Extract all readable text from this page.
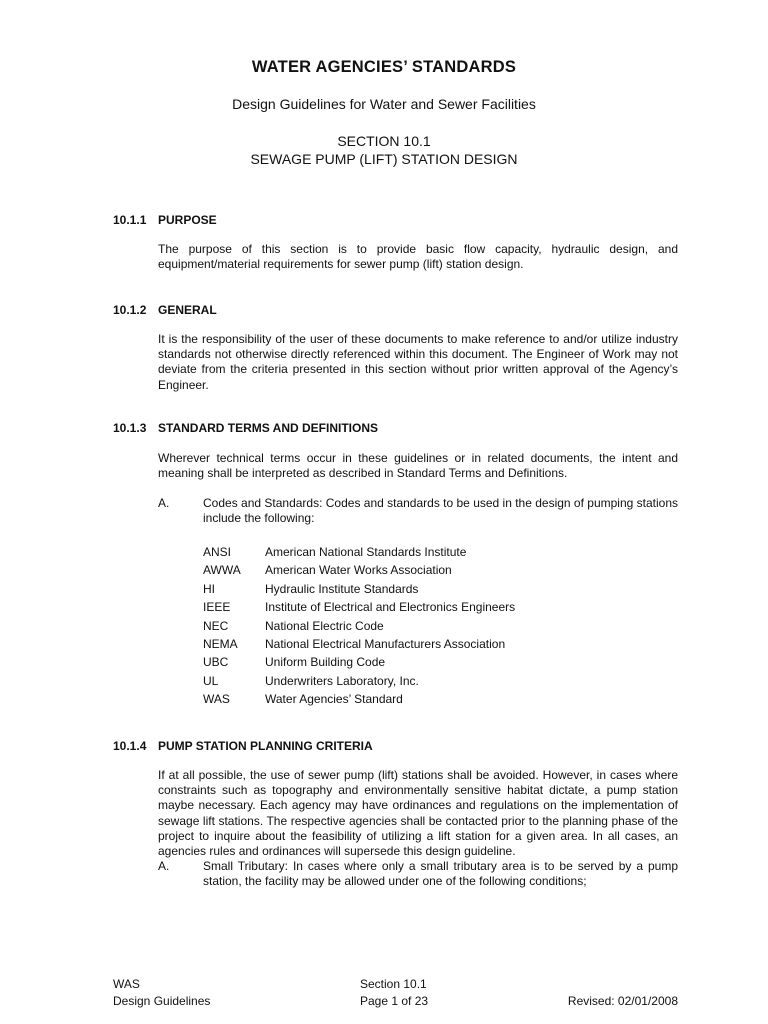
WATER AGENCIES’ STANDARDS
Design Guidelines for Water and Sewer Facilities
SECTION 10.1
SEWAGE PUMP (LIFT) STATION DESIGN
10.1.1 PURPOSE
The purpose of this section is to provide basic flow capacity, hydraulic design, and equipment/material requirements for sewer pump (lift) station design.
10.1.2 GENERAL
It is the responsibility of the user of these documents to make reference to and/or utilize industry standards not otherwise directly referenced within this document. The Engineer of Work may not deviate from the criteria presented in this section without prior written approval of the Agency’s Engineer.
10.1.3 STANDARD TERMS AND DEFINITIONS
Wherever technical terms occur in these guidelines or in related documents, the intent and meaning shall be interpreted as described in Standard Terms and Definitions.
A.	Codes and Standards: Codes and standards to be used in the design of pumping stations include the following:
ANSI	American National Standards Institute
AWWA	American Water Works Association
HI	Hydraulic Institute Standards
IEEE	Institute of Electrical and Electronics Engineers
NEC	National Electric Code
NEMA	National Electrical Manufacturers Association
UBC	Uniform Building Code
UL	Underwriters Laboratory, Inc.
WAS	Water Agencies’ Standard
10.1.4 PUMP STATION PLANNING CRITERIA
If at all possible, the use of sewer pump (lift) stations shall be avoided. However, in cases where constraints such as topography and environmentally sensitive habitat dictate, a pump station maybe necessary. Each agency may have ordinances and regulations on the implementation of sewage lift stations. The respective agencies shall be contacted prior to the planning phase of the project to inquire about the feasibility of utilizing a lift station for a given area. In all cases, an agencies rules and ordinances will supersede this design guideline.
A.	Small Tributary: In cases where only a small tributary area is to be served by a pump station, the facility may be allowed under one of the following conditions;
WAS
Design Guidelines
Section 10.1
Page 1 of 23	Revised: 02/01/2008
